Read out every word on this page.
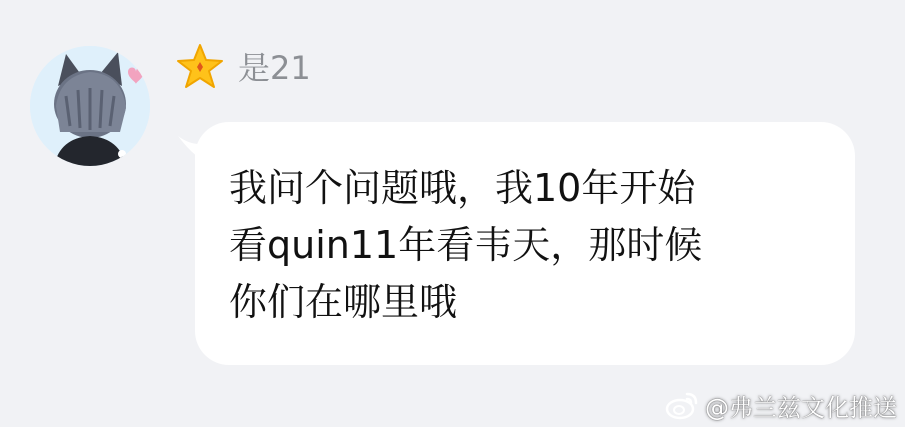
是21

我问个问题哦，我10年开始
看quin11年看韦天，那时候
你们在哪里哦

@弗兰兹文化推送
